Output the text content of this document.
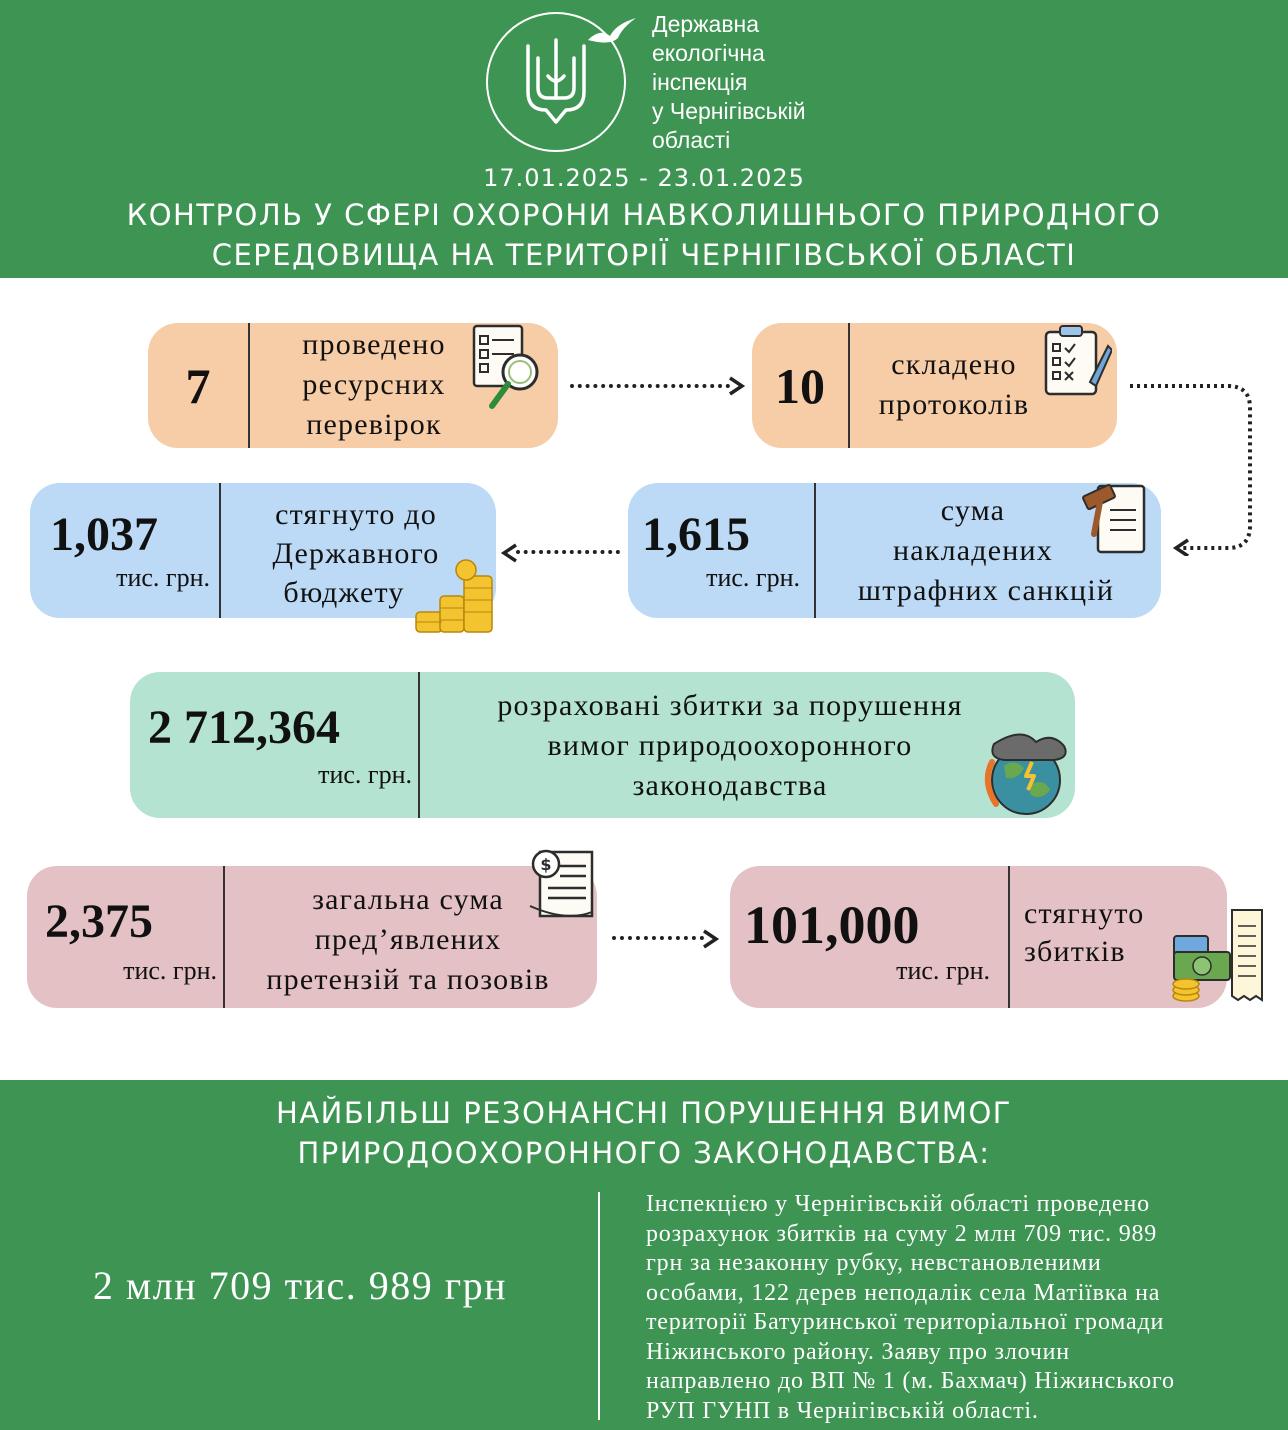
Державна
екологічна
інспекція
у Чернігівській
області
17.01.2025 - 23.01.2025
КОНТРОЛЬ У СФЕРІ ОХОРОНИ НАВКОЛИШНЬОГО ПРИРОДНОГО
СЕРЕДОВИЩА НА ТЕРИТОРІЇ ЧЕРНІГІВСЬКОЇ ОБЛАСТІ
7
проведено
ресурсних
перевірок
10	складено
протоколів
1,615
тис. грн.
сума
накладених
штрафних санкцій
1,037
тис. грн.
стягнуто до
Державного
бюджету
2 712,364
тис. грн.
розраховані збитки за порушення
вимог природоохоронного
законодавства
2,375
тис. грн.
загальна сума
пред’явлених
претензій та позовів
$
101,000
тис. грн.
стягнуто
збитків
НАЙБІЛЬШ РЕЗОНАНСНІ ПОРУШЕННЯ ВИМОГ
ПРИРОДООХОРОННОГО ЗАКОНОДАВСТВА:
2 млн 709 тис. 989 грн
Інспекцією у Чернігівській області проведено
розрахунок збитків на суму 2 млн 709 тис. 989
грн за незаконну рубку, невстановленими
особами, 122 дерев неподалік села Матіївка на
території Батуринської територіальної громади
Ніжинського району. Заяву про злочин
направлено до ВП № 1 (м. Бахмач) Ніжинського
РУП ГУНП в Чернігівській області.
